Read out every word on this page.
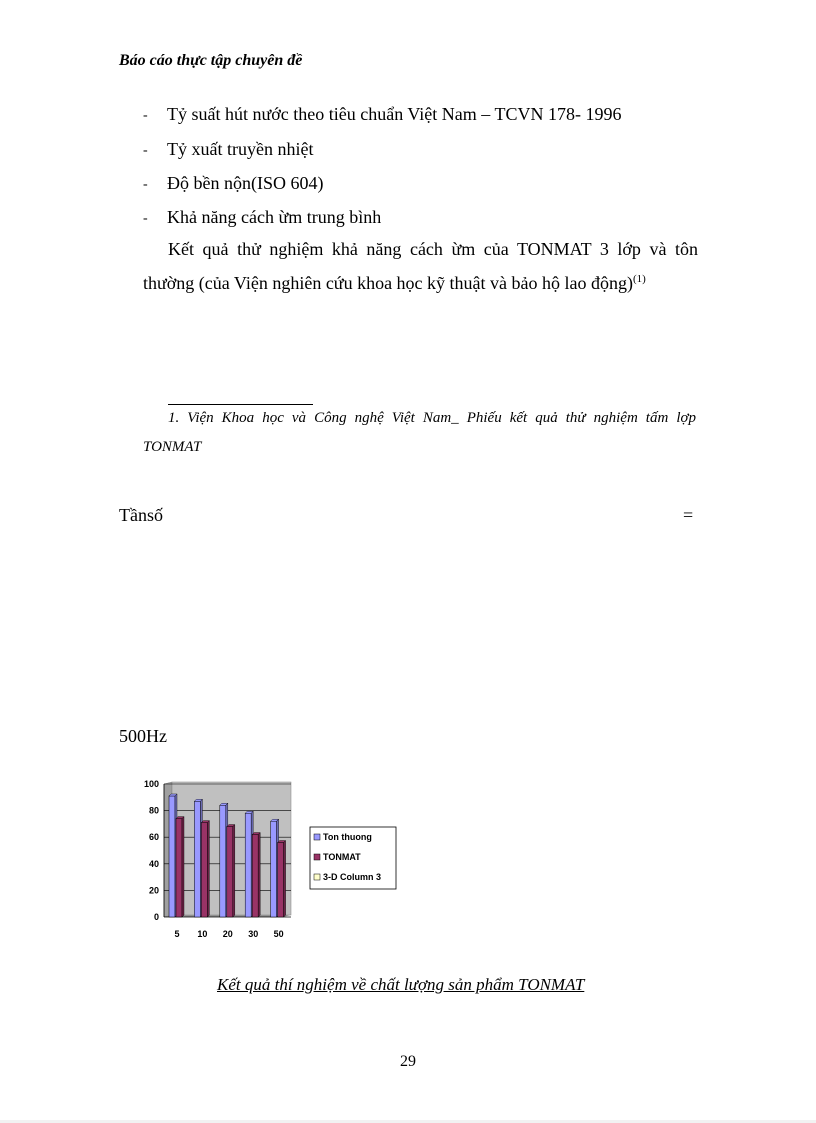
Báo cáo thực tập chuyên đề
- Tỷ suất hút nước theo tiêu chuẩn Việt Nam – TCVN 178- 1996
- Tỷ xuất truyền nhiệt
- Độ bền nộn(ISO 604)
- Khả năng cách ừm trung bình
Kết quả thử nghiệm khả năng cách ừm của TONMAT 3 lớp và tôn
thường (của Viện nghiên cứu khoa học kỹ thuật và bảo hộ lao động)$^{(1)}$
1. Viện Khoa học và Công nghệ Việt Nam_ Phiếu kết quả thử nghiệm tấm lợp
TONMAT
Tầnsố	=
500Hz
0
20
40
60
80
100
5 10 20 30 50
Ton thuong
TONMAT
3-D Column 3
Kết quả thí nghiệm về chất lượng sản phẩm TONMAT
29
